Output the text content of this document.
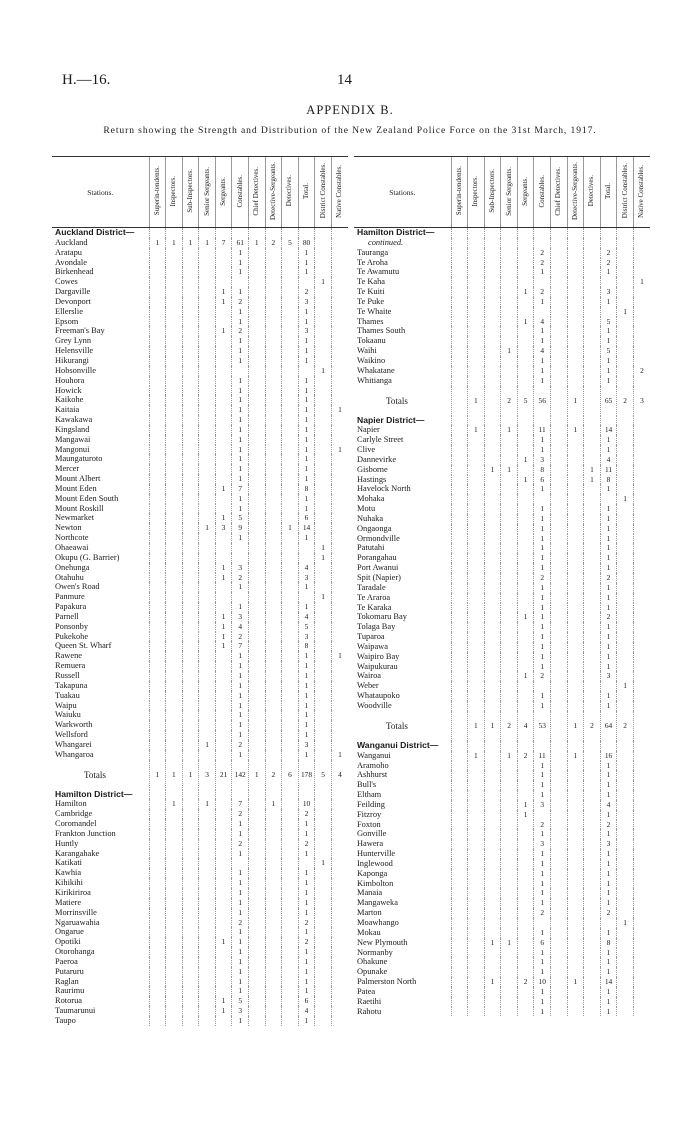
H.—16.	14
APPENDIX B.
Return showing the Strength and Distribution of the New Zealand Police Force on the 31st March, 1917.
Stations.	Superin-tendents.	Inspectors.	Sub-Inspectors.	Senior Sergeants.	Sergeants.	Constables.	Chief Detectives.	Detective-Sergeants.	Detectives.	Total.	District Constables.	Native Constables.
Auckland District—												
Auckland	1	1	1	1	7	61	1	2	5	80		
Aratapu						1				1		
Avondale						1				1		
Birkenhead						1				1		
Cowes											1	
Dargaville					1	1				2		
Devonport					1	2				3		
Ellerslie						1				1		
Epsom						1				1		
Freeman's Bay					1	2				3		
Grey Lynn						1				1		
Helensville						1				1		
Hikurangi						1				1		
Hobsonville											1	
Houhora						1				1		
Howick						1				1		
Kaikohe						1				1		
Kaitaia						1				1		1
Kawakawa						1				1		
Kingsland						1				1		
Mangawai						1				1		
Mangonui						1				1		1
Maungaturoto						1				1		
Mercer						1				1		
Mount Albert						1				1		
Mount Eden					1	7				8		
Mount Eden South						1				1		
Mount Roskill						1				1		
Newmarket					1	5				6		
Newton				1	3	9			1	14		
Northcote						1				1		
Ohaeawai											1	
Okupu (G. Barrier)											1	
Onehunga					1	3				4		
Otahuhu					1	2				3		
Owen's Road						1				1		
Panmure											1	
Papakura						1				1		
Parnell					1	3				4		
Ponsonby					1	4				5		
Pukekohe					1	2				3		
Queen St. Wharf					1	7				8		
Rawene						1				1		1
Remuera						1				1		
Russell						1				1		
Takapuna						1				1		
Tuakau						1				1		
Waipu						1				1		
Waiuku						1				1		
Warkworth						1				1		
Wellsford						1				1		
Whangarei				1		2				3		
Whangaroa						1				1		1
Totals	1	1	1	3	21	142	1	2	6	178	5	4
Hamilton District—												
Hamilton		1		1		7		1		10		
Cambridge						2				2		
Coromandel						1				1		
Frankton Junction						1				1		
Huntly						2				2		
Karangahake						1				1		
Katikati											1	
Kawhia						1				1		
Kihikihi						1				1		
Kirikiriroa						1				1		
Matiere						1				1		
Morrinsville						1				1		
Ngaruawahia						2				2		
Ongarue						1				1		
Opotiki					1	1				2		
Otorohanga						1				1		
Paeroa						1				1		
Putaruru						1				1		
Raglan						1				1		
Raurimu						1				1		
Rotorua					1	5				6		
Taumarunui					1	3				4		
Taupo						1				1		
Stations.	Superin-tendents.	Inspectors.	Sub-Inspectors.	Senior Sergeants.	Sergeants.	Constables.	Chief Detectives.	Detective-Sergeants.	Detectives.	Total.	District Constables.	Native Constables.
Hamilton District—												
continued.												
Tauranga						2				2		
Te Aroha						2				2		
Te Awamutu						1				1		
Te Kaha												1
Te Kuiti					1	2				3		
Te Puke						1				1		
Te Whaite											1	
Thames					1	4				5		
Thames South						1				1		
Tokaanu						1				1		
Waihi				1		4				5		
Waikino						1				1		
Whakatane						1				1		2
Whitianga						1				1		
Totals		1		2	5	56		1		65	2	3
Napier District—												
Napier		1		1		11		1		14		
Carlyle Street						1				1		
Clive						1				1		
Dannevirke					1	3				4		
Gisborne			1	1		8			1	11		
Hastings					1	6			1	8		
Havelock North						1				1		
Mohaka											1	
Motu						1				1		
Nuhaka						1				1		
Ongaonga						1				1		
Ormondville						1				1		
Patutahi						1				1		
Porangahau						1				1		
Port Awanui						1				1		
Spit (Napier)						2				2		
Taradale						1				1		
Te Araroa						1				1		
Te Karaka						1				1		
Tokomaru Bay					1	1				2		
Tolaga Bay						1				1		
Tuparoa						1				1		
Waipawa						1				1		
Waipiro Bay						1				1		
Waipukurau						1				1		
Wairoa					1	2				3		
Weber											1	
Whataupoko						1				1		
Woodville						1				1		
Totals		1	1	2	4	53		1	2	64	2	
Wanganui District—												
Wanganui		1		1	2	11		1		16		
Aramoho						1				1		
Ashhurst						1				1		
Bull's						1				1		
Eltham						1				1		
Feilding					1	3				4		
Fitzroy					1					1		
Foxton						2				2		
Gonville						1				1		
Hawera						3				3		
Hunterville						1				1		
Inglewood						1				1		
Kaponga						1				1		
Kimbolton						1				1		
Manaia						1				1		
Mangaweka						1				1		
Marton						2				2		
Moawhango											1	
Mokau						1				1		
New Plymouth			1	1		6				8		
Normanby						1				1		
Ohakune						1				1		
Opunake						1				1		
Palmerston North			1		2	10		1		14		
Patea						1				1		
Raetihi						1				1		
Rahotu						1				1		
